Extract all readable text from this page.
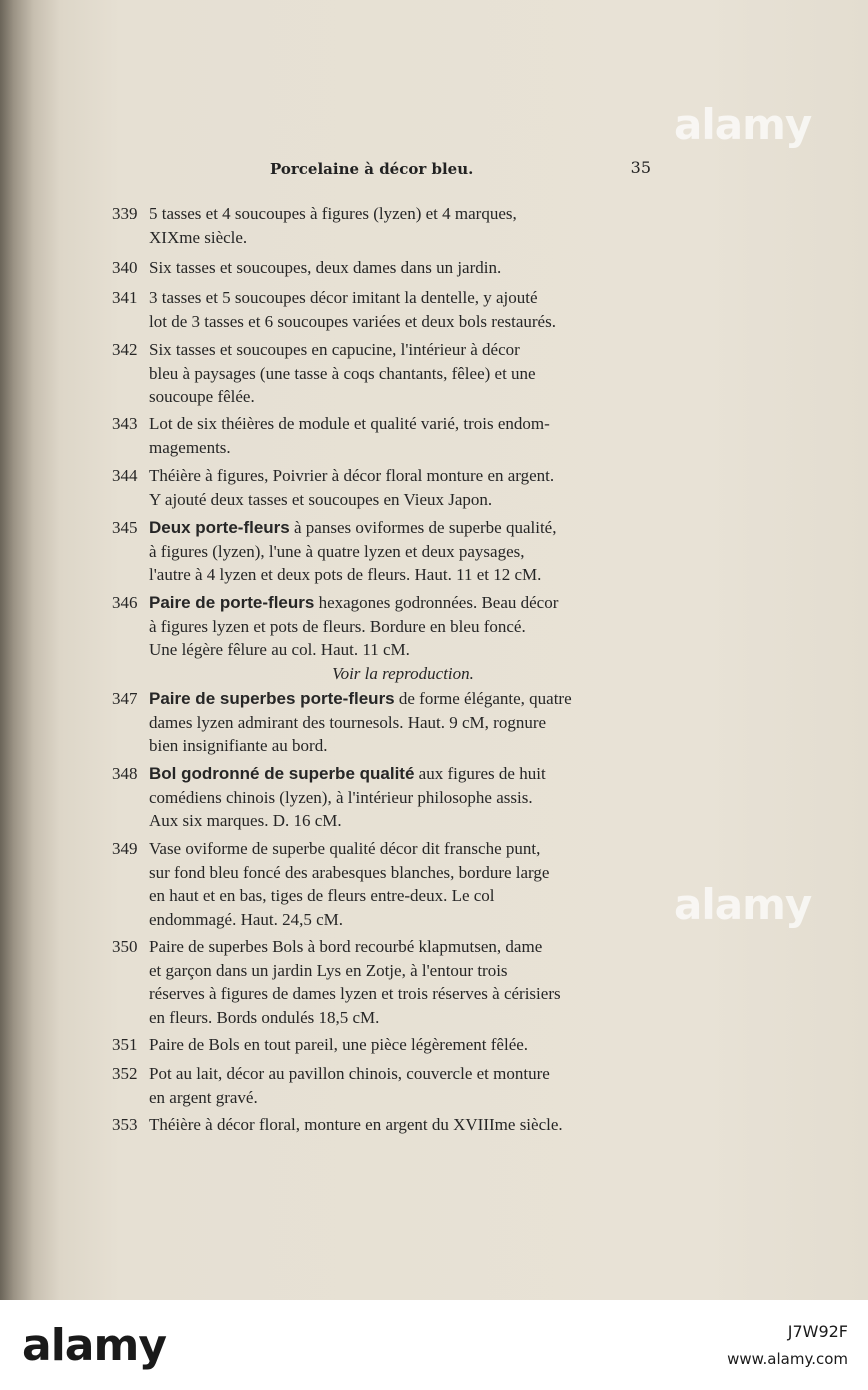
alamy
alamy
Porcelaine à décor bleu.	35
339 5 tasses et 4 soucoupes à figures (lyzen) et 4 marques,
XIXme siècle.
340 Six tasses et soucoupes, deux dames dans un jardin.
341 3 tasses et 5 soucoupes décor imitant la dentelle, y ajouté
lot de 3 tasses et 6 soucoupes variées et deux bols restaurés.
342 Six tasses et soucoupes en capucine, l'intérieur à décor
bleu à paysages (une tasse à coqs chantants, fêlee) et une
soucoupe fêlée.
343 Lot de six théières de module et qualité varié, trois endom-
magements.
344 Théière à figures, Poivrier à décor floral monture en argent.
Y ajouté deux tasses et soucoupes en Vieux Japon.
345 Deux porte-fleurs à panses oviformes de superbe qualité,
à figures (lyzen), l'une à quatre lyzen et deux paysages,
l'autre à 4 lyzen et deux pots de fleurs. Haut. 11 et 12 cM.
346 Paire de porte-fleurs hexagones godronnées. Beau décor
à figures lyzen et pots de fleurs. Bordure en bleu foncé.
Une légère fêlure au col. Haut. 11 cM.
Voir la reproduction.
347 Paire de superbes porte-fleurs de forme élégante, quatre
dames lyzen admirant des tournesols. Haut. 9 cM, rognure
bien insignifiante au bord.
348 Bol godronné de superbe qualité aux figures de huit
comédiens chinois (lyzen), à l'intérieur philosophe assis.
Aux six marques. D. 16 cM.
349 Vase oviforme de superbe qualité décor dit fransche punt,
sur fond bleu foncé des arabesques blanches, bordure large
en haut et en bas, tiges de fleurs entre-deux. Le col
endommagé. Haut. 24,5 cM.
350 Paire de superbes Bols à bord recourbé klapmutsen, dame
et garçon dans un jardin Lys en Zotje, à l'entour trois
réserves à figures de dames lyzen et trois réserves à cérisiers
en fleurs. Bords ondulés 18,5 cM.
351 Paire de Bols en tout pareil, une pièce légèrement fêlée.
352 Pot au lait, décor au pavillon chinois, couvercle et monture
en argent gravé.
353 Théière à décor floral, monture en argent du XVIIIme siècle.
alamy	J7W92F
www.alamy.com
